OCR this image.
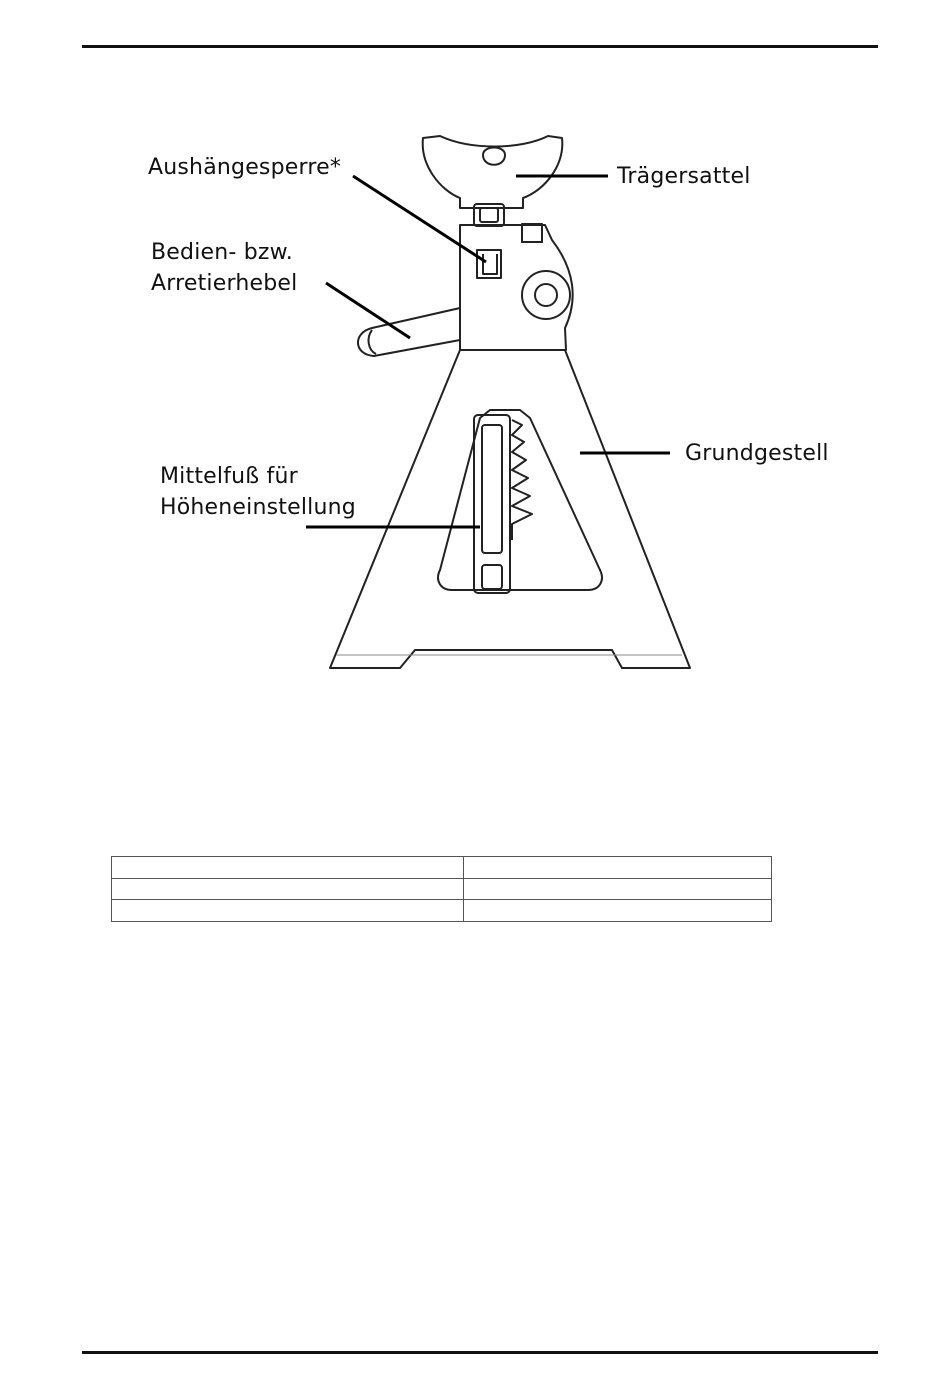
Aushängesperre*	Trägersattel
Bedien- bzw.
Arretierhebel
Grundgestell
Mittelfuß für
Höheneinstellung
